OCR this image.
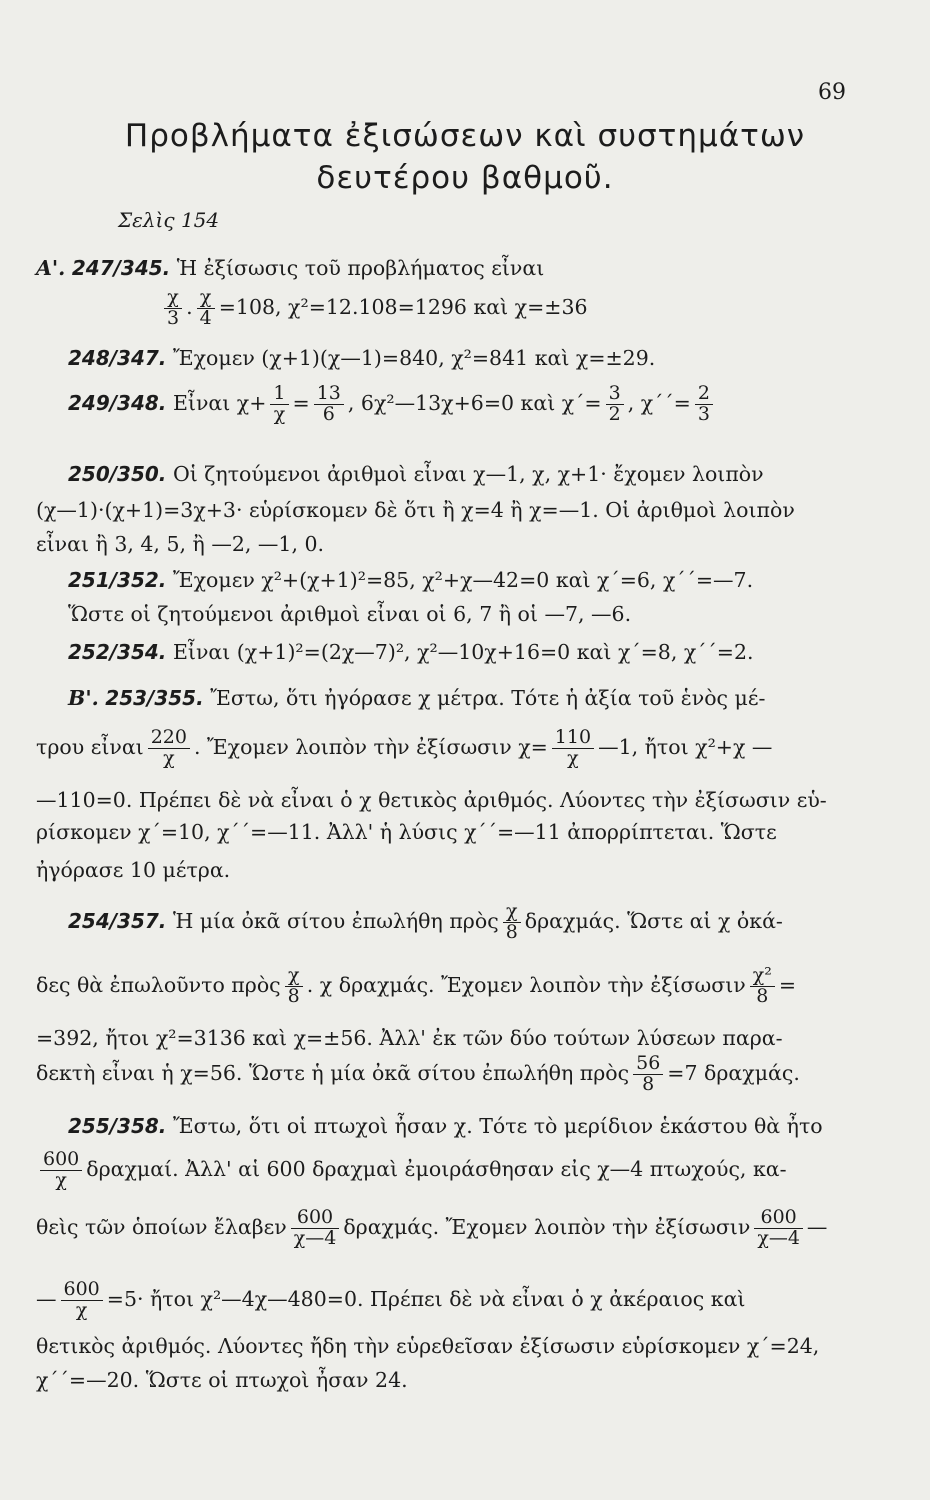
69
Προβλήματα ἐξισώσεων καὶ συστημάτων
δευτέρου βαθμοῦ.
Σελὶς 154
Α'. 247/345. Ἡ ἐξίσωσις τοῦ προβλήματος εἶναι
$\frac{\chi}{3}$ . $\frac{\chi}{4} =108$, χ²=12.108=1296 καὶ χ=±36
248/347. Ἔχομεν (χ+1)(χ—1)=840, χ²=841 καὶ χ=±29.
249/348. Εἶναι $\chi+ \frac{1}{\chi} = \frac{13}{6}$ , 6χ²—13χ+6=0 καὶ $\chi΄= \frac{3}{2}$ , $\chi΄΄= \frac{2}{3}$
250/350. Οἱ ζητούμενοι ἀριθμοὶ εἶναι χ—1, χ, χ+1· ἔχομεν λοιπὸν
(χ—1)·(χ+1)=3χ+3· εὑρίσκομεν δὲ ὅτι ἢ χ=4 ἢ χ=—1. Οἱ ἀριθμοὶ λοιπὸν
εἶναι ἢ 3, 4, 5, ἢ —2, —1, 0.
251/352. Ἔχομεν χ²+(χ+1)²=85, χ²+χ—42=0 καὶ χ΄=6, χ΄΄=—7.
Ὥστε οἱ ζητούμενοι ἀριθμοὶ εἶναι οἱ 6, 7 ἢ οἱ —7, —6.
252/354. Εἶναι (χ+1)²=(2χ—7)², χ²—10χ+16=0 καὶ χ΄=8, χ΄΄=2.
Β'. 253/355. Ἔστω, ὅτι ἠγόρασε χ μέτρα. Τότε ἡ ἀξία τοῦ ἑνὸς μέ-
τρου εἶναι $\frac{220}{\chi}$ . Ἔχομεν λοιπὸν τὴν ἐξίσωσιν $\chi= \frac{110}{\chi}$ —1, ἤτοι χ²+χ —
—110=0. Πρέπει δὲ νὰ εἶναι ὁ χ θετικὸς ἀριθμός. Λύοντες τὴν ἐξίσωσιν εὑ-
ρίσκομεν χ΄=10, χ΄΄=—11. Ἀλλ' ἡ λύσις χ΄΄=—11 ἀπορρίπτεται. Ὥστε
ἠγόρασε 10 μέτρα.
254/357. Ἡ μία ὀκᾶ σίτου ἐπωλήθη πρὸς $\frac{\chi}{8} \delta\rho\alpha\chi\mu ά\varsigma$. Ὥστε αἱ χ ὀκά-
δες θὰ ἐπωλοῦντο πρὸς $\frac{\chi}{8}$ . χ δραχμάς. Ἔχομεν λοιπὸν τὴν ἐξίσωσιν $\frac{\text{χ²}}{8}$ =
=392, ἤτοι χ²=3136 καὶ χ=±56. Ἀλλ' ἐκ τῶν δύο τούτων λύσεων παρα-
δεκτὴ εἶναι ἡ χ=56. Ὥστε ἡ μία ὀκᾶ σίτου ἐπωλήθη πρὸς $\frac{56}{8} =7$ δραχμάς.
255/358. Ἔστω, ὅτι οἱ πτωχοὶ ἦσαν χ. Τότε τὸ μερίδιον ἑκάστου θὰ ἦτο
$\frac{600}{\chi} \delta\rho\alpha\chi\mu\alpha ί$. Ἀλλ' αἱ 600 δραχμαὶ ἐμοιράσθησαν εἰς χ—4 πτωχούς, κα-
θεὶς τῶν ὁποίων ἔλαβεν $\frac{600}{\chi—4} \delta\rho\alpha\chi\mu ά\varsigma$. Ἔχομεν λοιπὸν τὴν ἐξίσωσιν $\frac{600}{\chi—4}$ —
— $\frac{600}{\chi} =5\cdot$ ἤτοι χ²—4χ—480=0. Πρέπει δὲ νὰ εἶναι ὁ χ ἀκέραιος καὶ
θετικὸς ἀριθμός. Λύοντες ἤδη τὴν εὑρεθεῖσαν ἐξίσωσιν εὑρίσκομεν χ΄=24,
χ΄΄=—20. Ὥστε οἱ πτωχοὶ ἦσαν 24.
